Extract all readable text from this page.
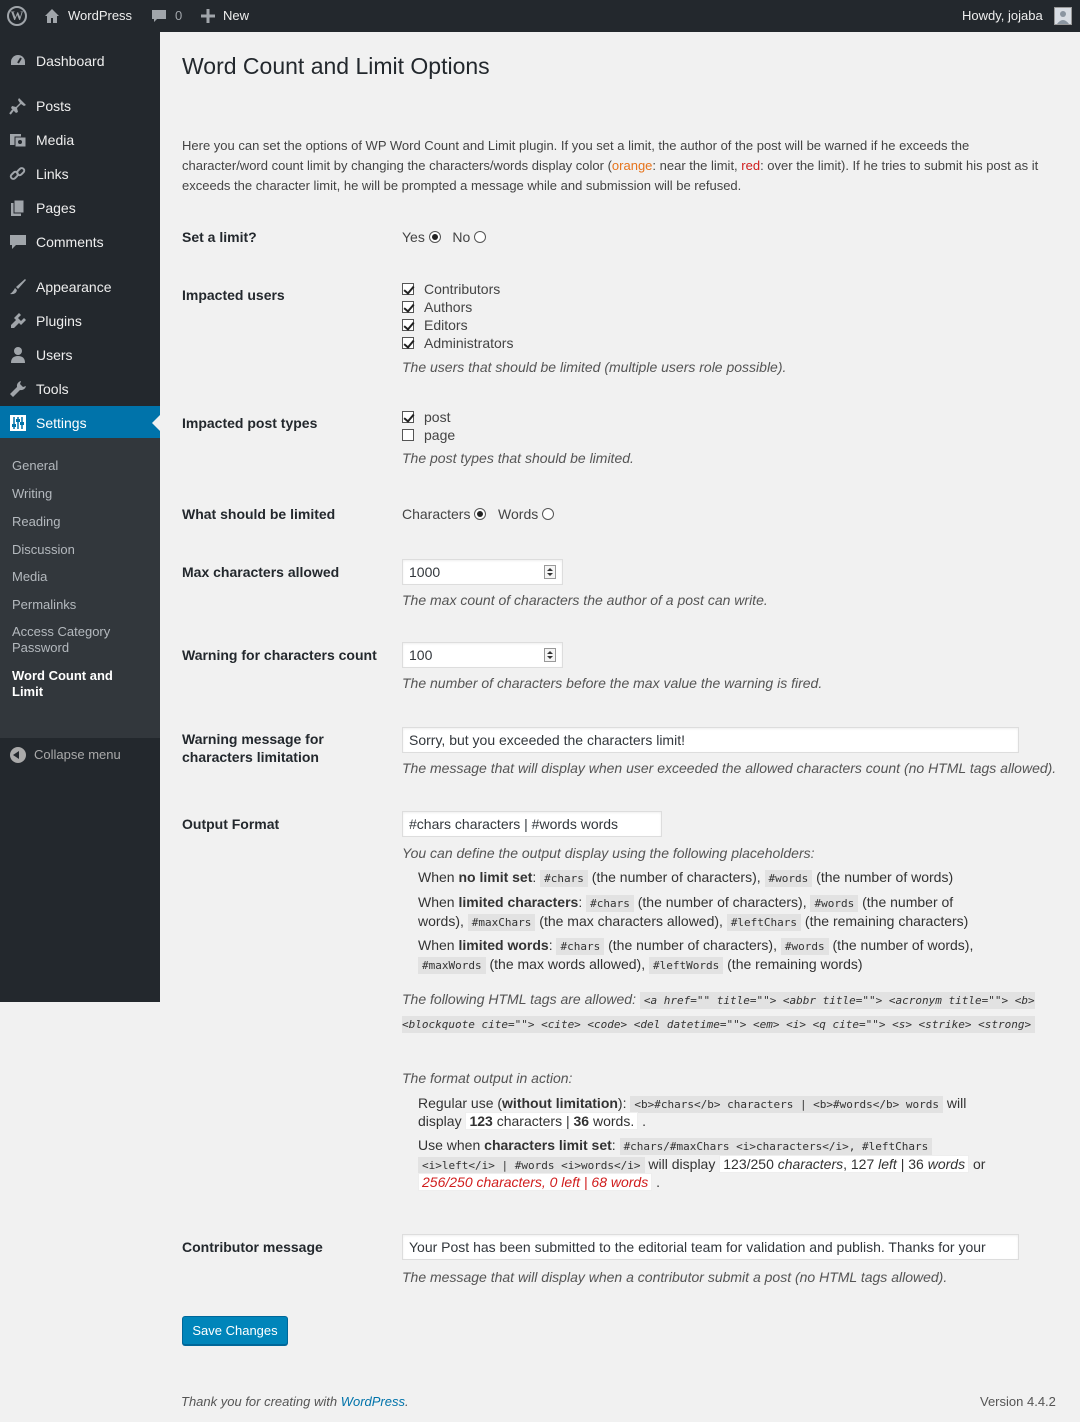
W	WordPress	0	New	Howdy, jojaba
Dashboard
Posts
Media
Links
Pages
Comments
Appearance
Plugins
Users
Tools
Settings
General
Writing
Reading
Discussion
Media
Permalinks
Access Category Password
Word Count and Limit
Collapse menu
Word Count and Limit Options
Here you can set the options of WP Word Count and Limit plugin. If you set a limit, the author of the post will be warned if he exceeds the character/word count limit by changing the characters/words display color (orange: near the limit, red: over the limit). If he tries to submit his post as it exceeds the character limit, he will be prompted a message while and submission will be refused.
Set a limit?	Yes No
Impacted users	Contributors
Authors
Editors
Administrators
The users that should be limited (multiple users role possible).
Impacted post types	post
page
The post types that should be limited.
What should be limited	Characters Words
Max characters allowed	1000
The max count of characters the author of a post can write.
Warning for characters count	100
The number of characters before the max value the warning is fired.
Warning message for
characters limitation
Sorry, but you exceeded the characters limit!
The message that will display when user exceeded the allowed characters count (no HTML tags allowed).
Output Format	#chars characters | #words words
You can define the output display using the following placeholders:
When no limit set: #chars (the number of characters), #words (the number of words)
When limited characters: #chars (the number of characters), #words (the number of
words), #maxChars (the max characters allowed), #leftChars (the remaining characters)
When limited words: #chars (the number of characters), #words (the number of words),
#maxWords (the max words allowed), #leftWords (the remaining words)
The following HTML tags are allowed: <a href="" title=""> <abbr title=""> <acronym title=""> <b> <blockquote cite=""> <cite> <code> <del datetime=""> <em> <i> <q cite=""> <s> <strike> <strong>
The format output in action:
Regular use (without limitation): <b>#chars</b> characters | <b>#words</b> words will
display 123 characters | 36 words. .
Use when characters limit set: #chars/#maxChars <i>characters</i>, #leftChars
<i>left</i> | #words <i>words</i> will display 123/250 characters, 127 left | 36 words or
256/250 characters, 0 left | 68 words .
Contributor message	Your Post has been submitted to the editorial team for validation and publish. Thanks for your
The message that will display when a contributor submit a post (no HTML tags allowed).
Save Changes
Thank you for creating with WordPress.	Version 4.4.2
